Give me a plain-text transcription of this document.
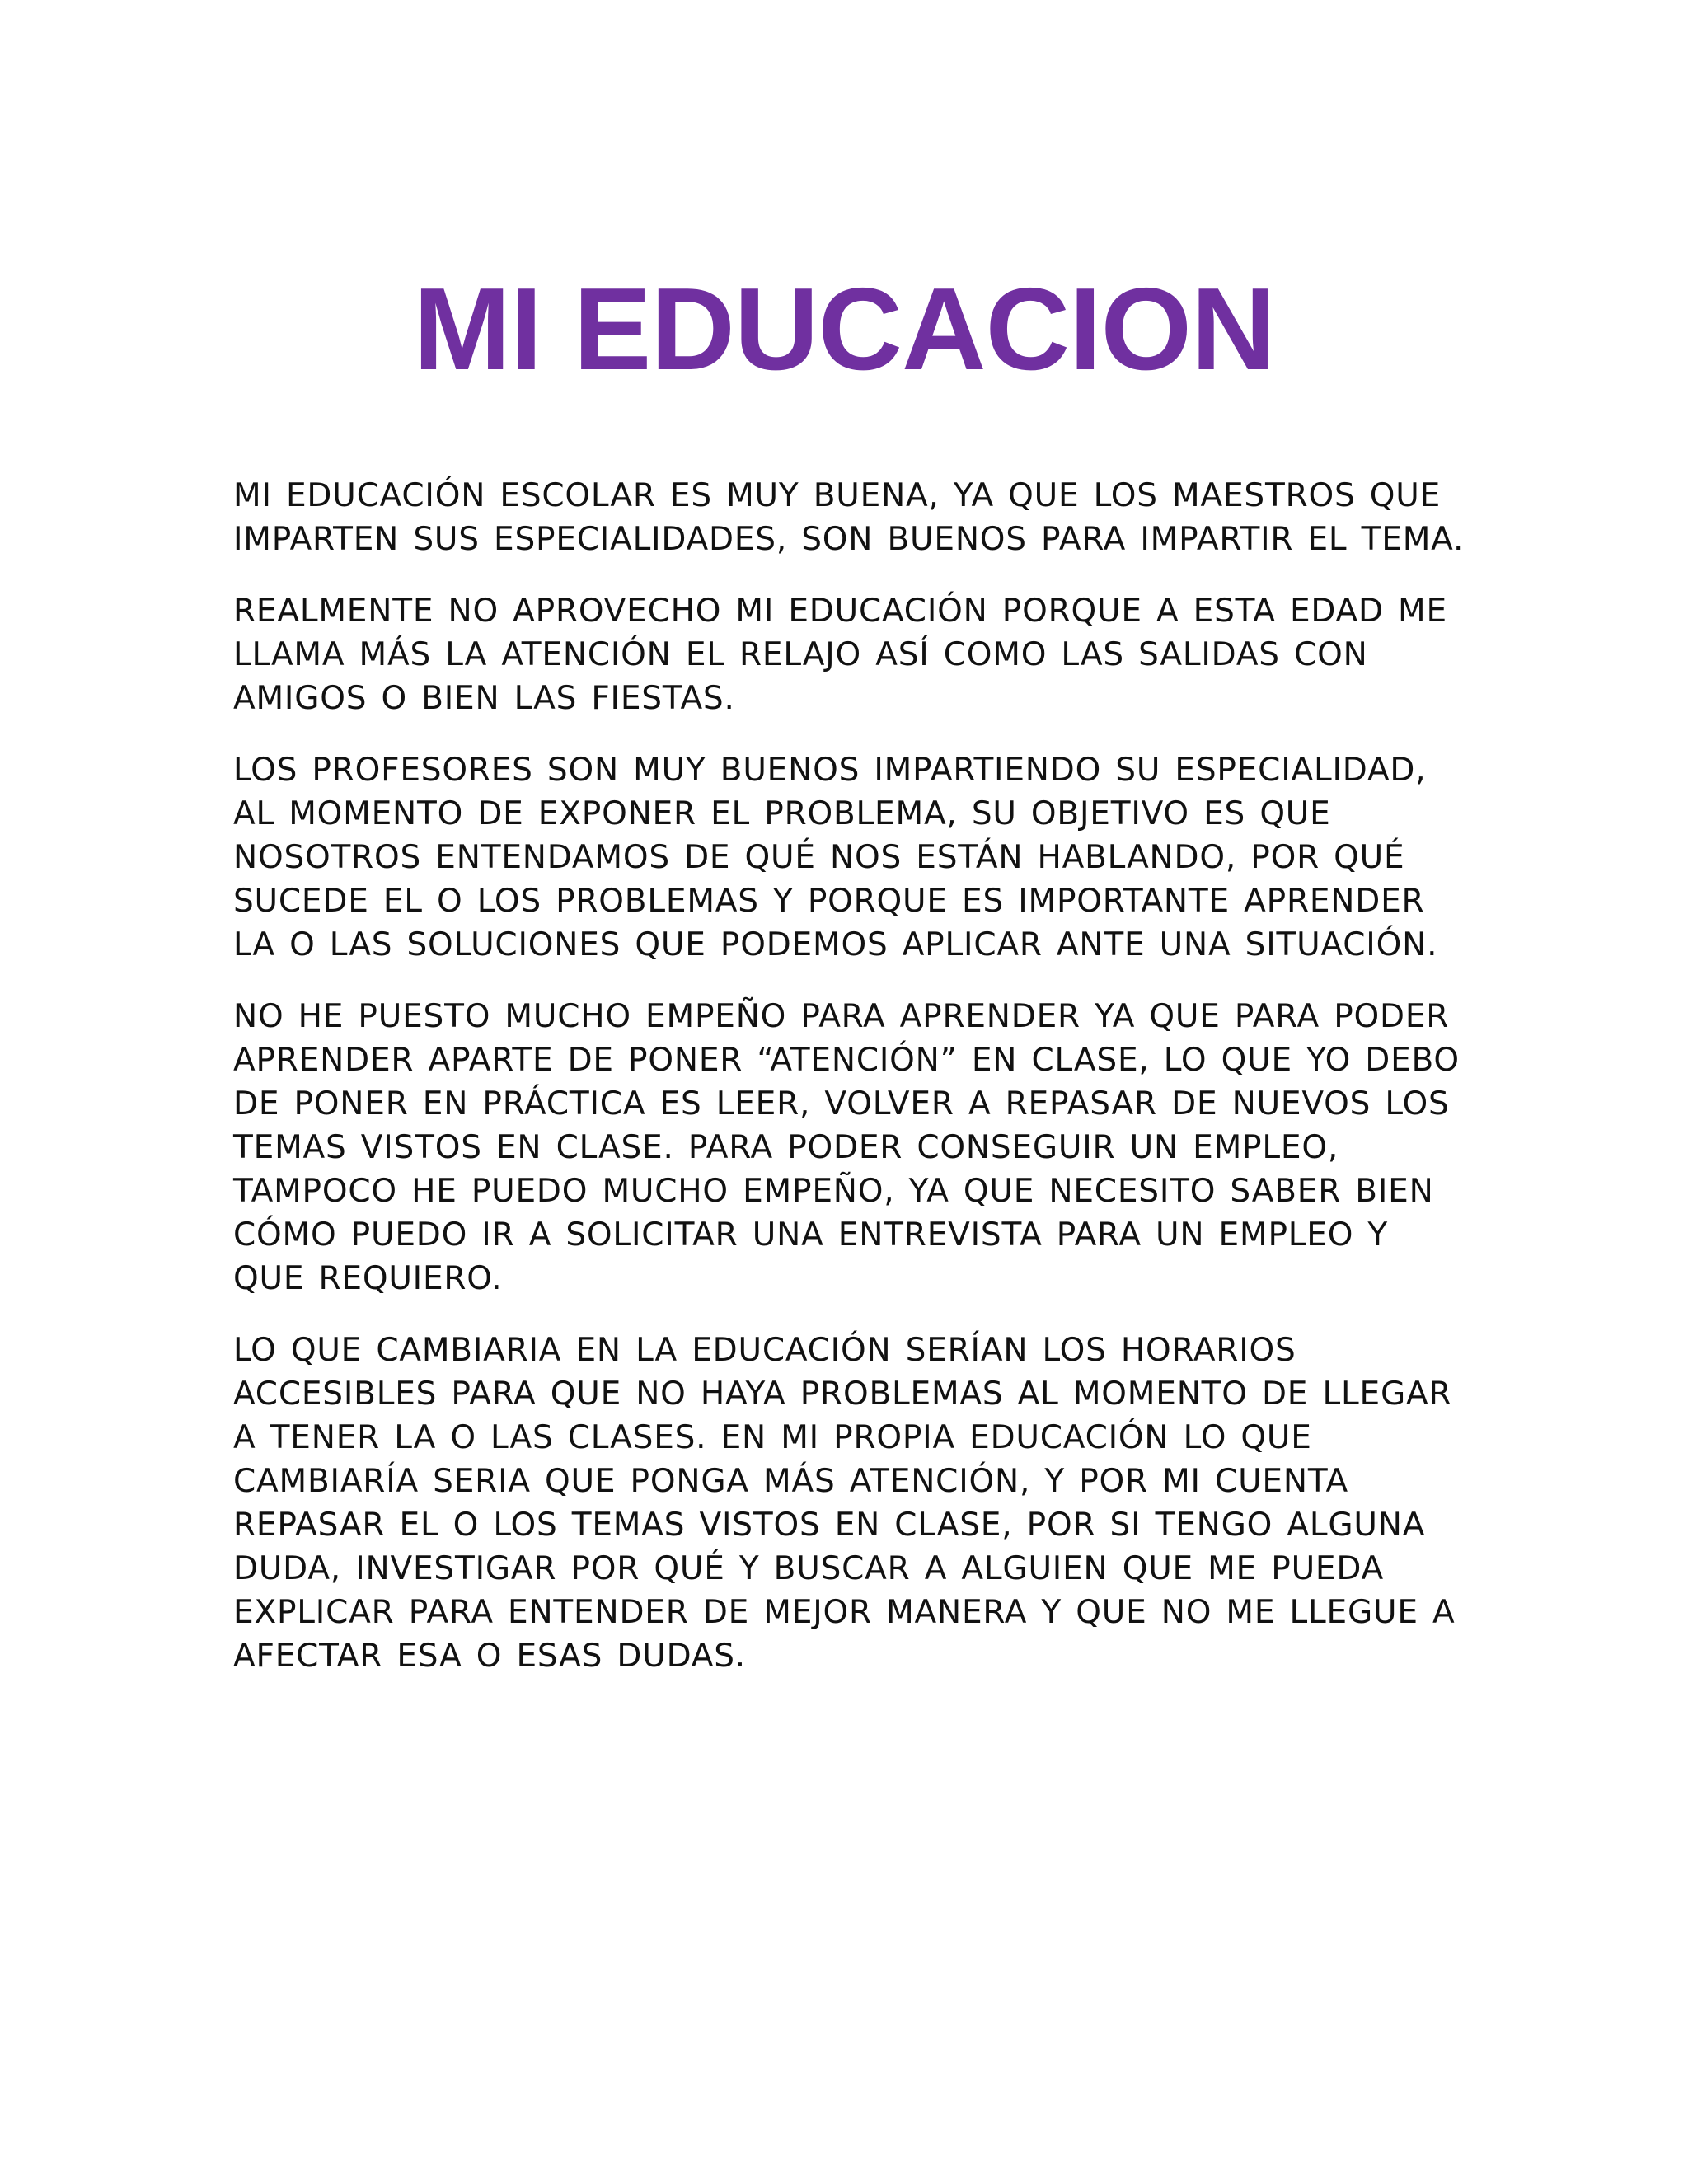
MI EDUCACION

MI EDUCACIÓN ESCOLAR ES MUY BUENA, YA QUE LOS MAESTROS QUE IMPARTEN SUS ESPECIALIDADES, SON BUENOS PARA IMPARTIR EL TEMA.

REALMENTE NO APROVECHO MI EDUCACIÓN PORQUE A ESTA EDAD ME LLAMA MÁS LA ATENCIÓN EL RELAJO ASÍ COMO LAS SALIDAS CON AMIGOS O BIEN LAS FIESTAS.

LOS PROFESORES SON MUY BUENOS IMPARTIENDO SU ESPECIALIDAD, AL MOMENTO DE EXPONER EL PROBLEMA, SU OBJETIVO ES QUE NOSOTROS ENTENDAMOS DE QUÉ NOS ESTÁN HABLANDO, POR QUÉ SUCEDE EL O LOS PROBLEMAS Y PORQUE ES IMPORTANTE APRENDER LA O LAS SOLUCIONES QUE PODEMOS APLICAR ANTE UNA SITUACIÓN.

NO HE PUESTO MUCHO EMPEÑO PARA APRENDER YA QUE PARA PODER APRENDER APARTE DE PONER “ATENCIÓN” EN CLASE, LO QUE YO DEBO DE PONER EN PRÁCTICA ES LEER, VOLVER A REPASAR DE NUEVOS LOS TEMAS VISTOS EN CLASE. PARA PODER CONSEGUIR UN EMPLEO, TAMPOCO HE PUEDO MUCHO EMPEÑO, YA QUE NECESITO SABER BIEN CÓMO PUEDO IR A SOLICITAR UNA ENTREVISTA PARA UN EMPLEO Y QUE REQUIERO.

LO QUE CAMBIARIA EN LA EDUCACIÓN SERÍAN LOS HORARIOS ACCESIBLES PARA QUE NO HAYA PROBLEMAS AL MOMENTO DE LLEGAR A TENER LA O LAS CLASES. EN MI PROPIA EDUCACIÓN LO QUE CAMBIARÍA SERIA QUE PONGA MÁS ATENCIÓN, Y POR MI CUENTA REPASAR EL O LOS TEMAS VISTOS EN CLASE, POR SI TENGO ALGUNA DUDA, INVESTIGAR POR QUÉ Y BUSCAR A ALGUIEN QUE ME PUEDA EXPLICAR PARA ENTENDER DE MEJOR MANERA Y QUE NO ME LLEGUE A AFECTAR ESA O ESAS DUDAS.
